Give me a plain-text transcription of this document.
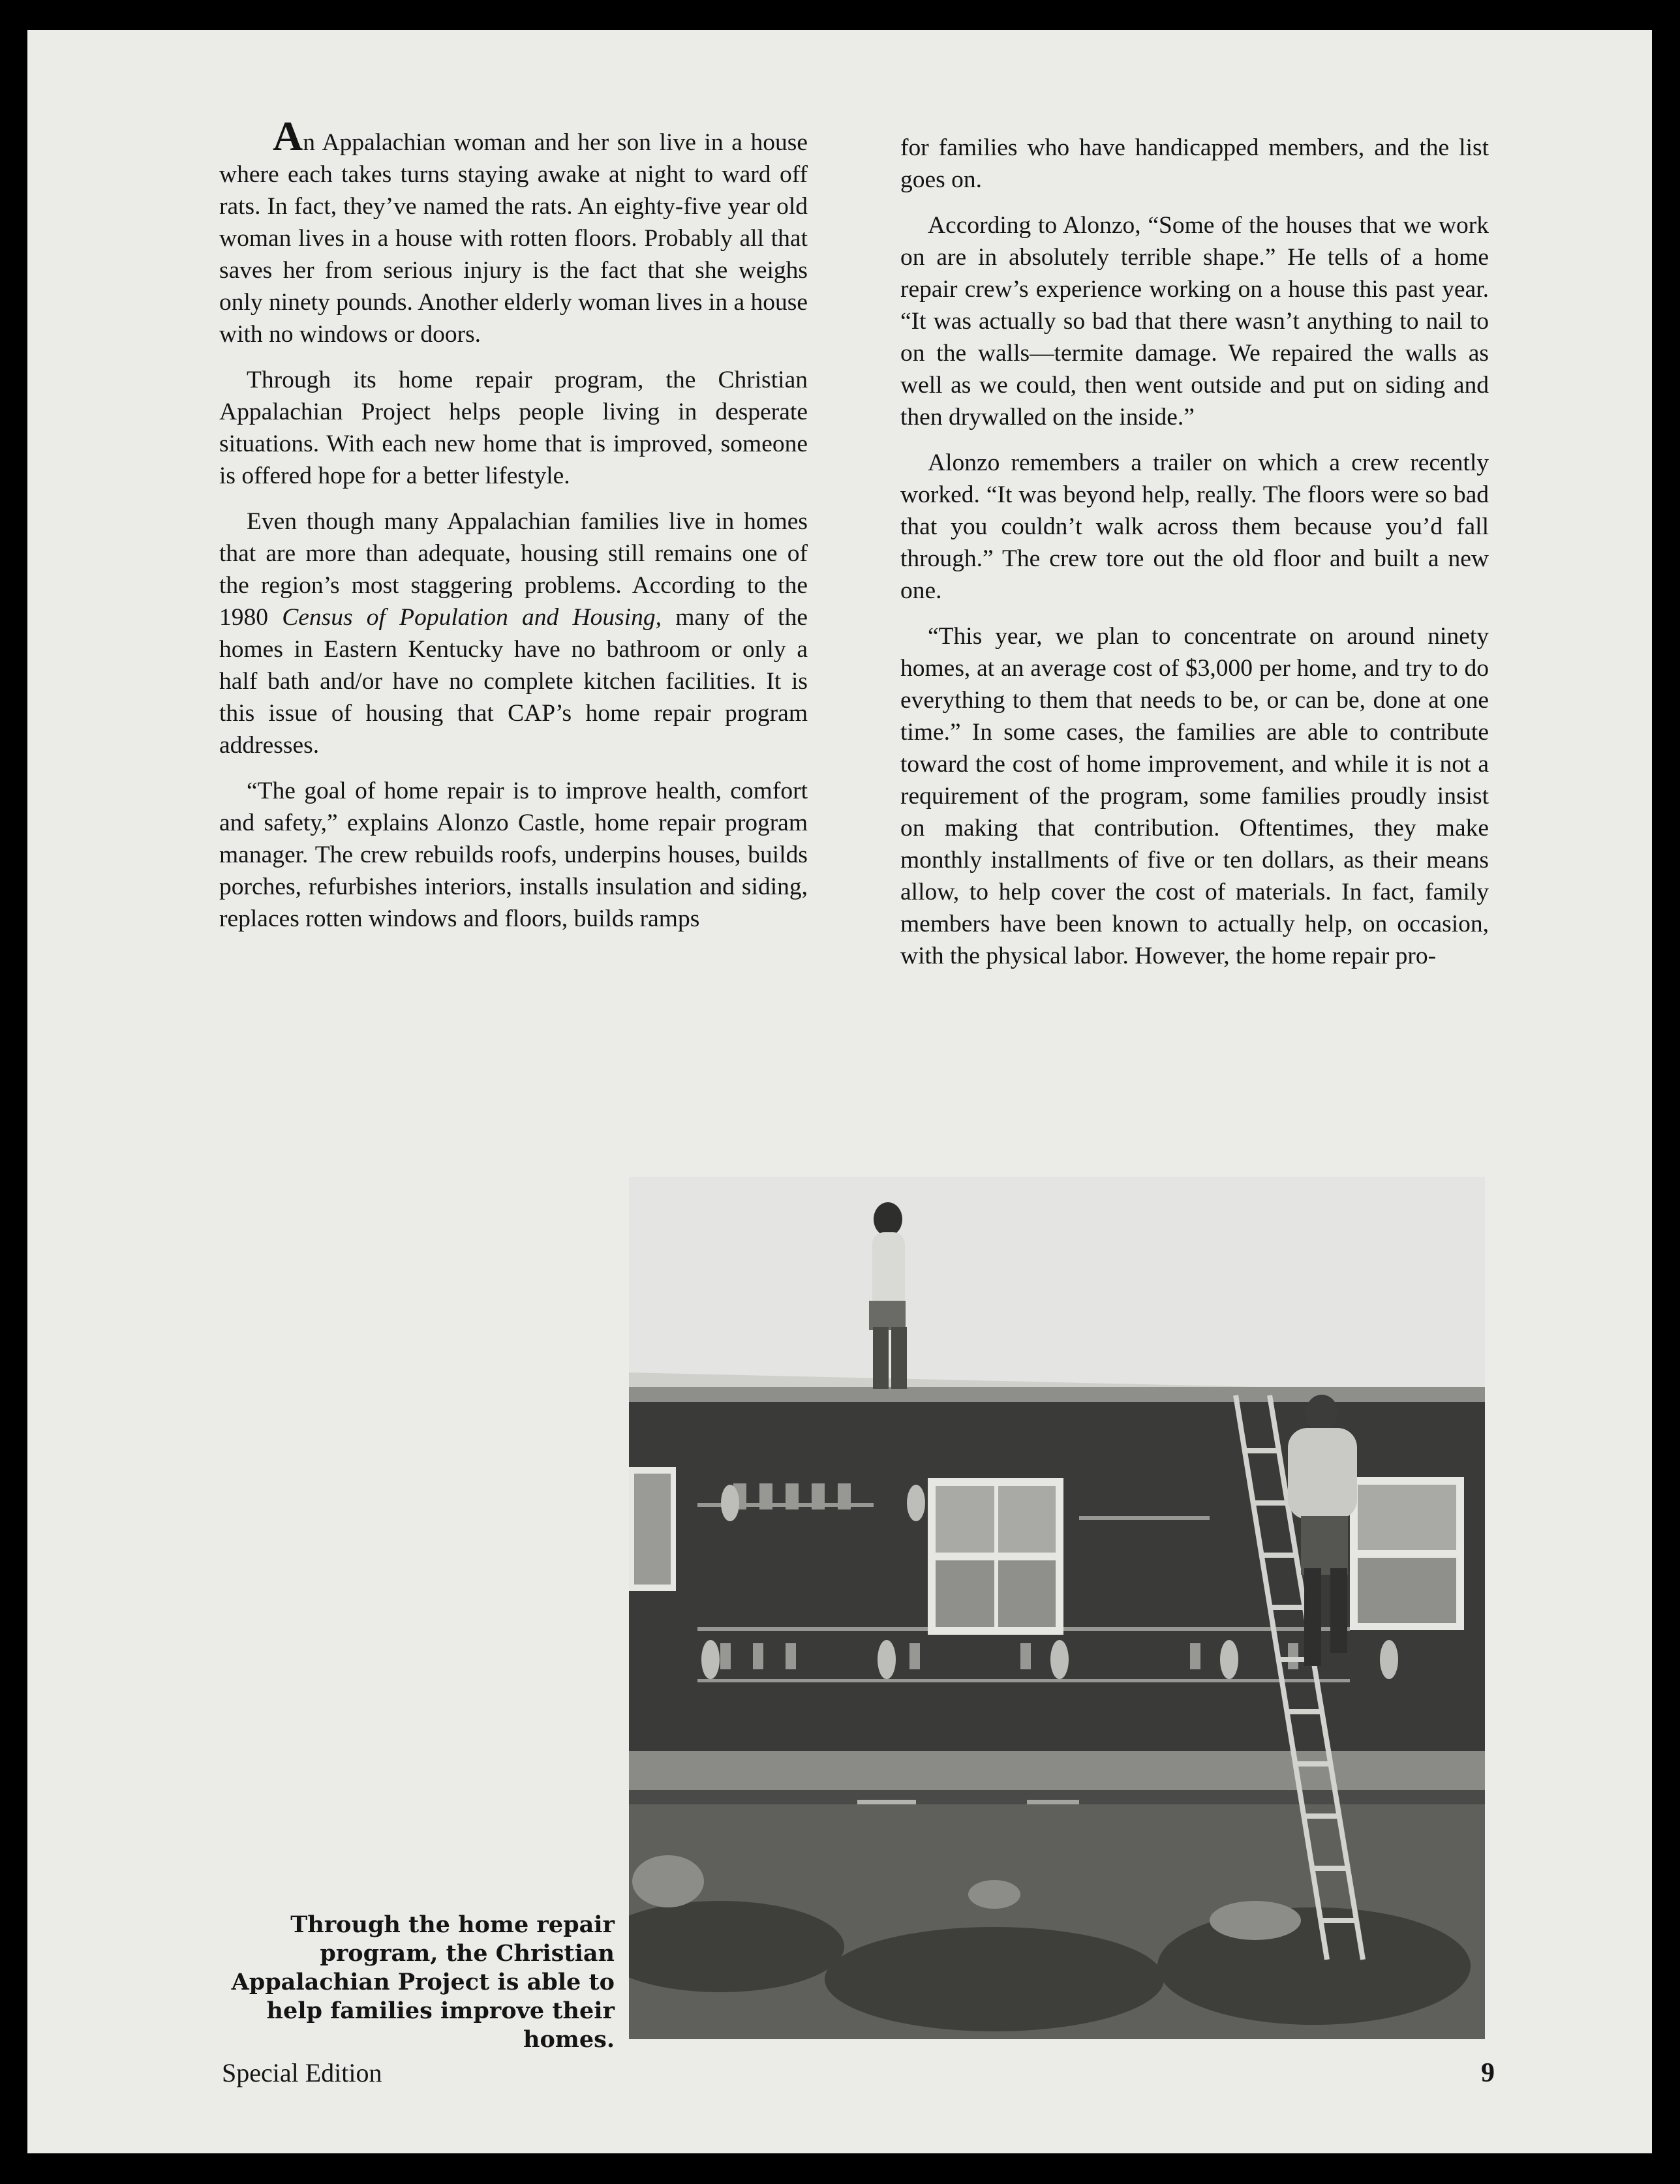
An Appalachian woman and her son live in a house where each takes turns staying awake at night to ward off rats. In fact, they’ve named the rats. An eighty-five year old woman lives in a house with rotten floors. Probably all that saves her from serious injury is the fact that she weighs only ninety pounds. Another elderly woman lives in a house with no windows or doors.

Through its home repair program, the Christian Appalachian Project helps people living in desperate situations. With each new home that is improved, someone is offered hope for a better lifestyle.

Even though many Appalachian families live in homes that are more than adequate, housing still remains one of the region’s most staggering problems. According to the 1980 Census of Population and Housing, many of the homes in Eastern Kentucky have no bathroom or only a half bath and/or have no complete kitchen facilities. It is this issue of housing that CAP’s home repair program addresses.

“The goal of home repair is to improve health, comfort and safety,” explains Alonzo Castle, home repair program manager. The crew rebuilds roofs, underpins houses, builds porches, refurbishes interiors, installs insulation and siding, replaces rotten windows and floors, builds ramps

for families who have handicapped members, and the list goes on.

According to Alonzo, “Some of the houses that we work on are in absolutely terrible shape.” He tells of a home repair crew’s experience working on a house this past year. “It was actually so bad that there wasn’t anything to nail to on the walls—termite damage. We repaired the walls as well as we could, then went outside and put on siding and then drywalled on the inside.”

Alonzo remembers a trailer on which a crew recently worked. “It was beyond help, really. The floors were so bad that you couldn’t walk across them because you’d fall through.” The crew tore out the old floor and built a new one.

“This year, we plan to concentrate on around ninety homes, at an average cost of $3,000 per home, and try to do everything to them that needs to be, or can be, done at one time.” In some cases, the families are able to contribute toward the cost of home improvement, and while it is not a requirement of the program, some families proudly insist on making that contribution. Oftentimes, they make monthly installments of five or ten dollars, as their means allow, to help cover the cost of materials. In fact, family members have been known to actually help, on occasion, with the physical labor. However, the home repair pro-

Through the home repair program, the Christian Appalachian Project is able to help families improve their homes.
Special Edition	9
